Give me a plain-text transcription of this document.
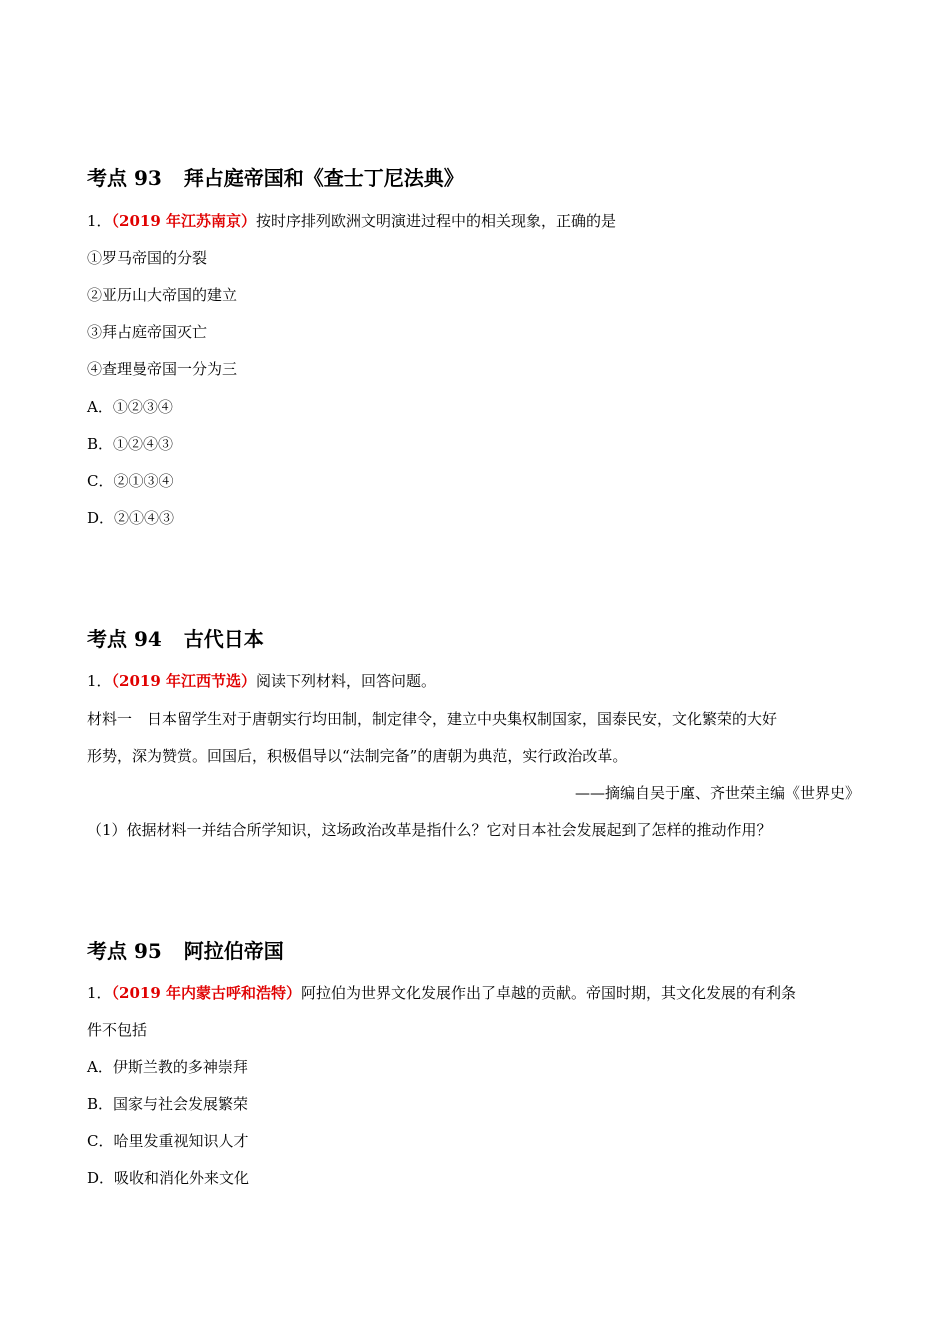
考点 93 拜占庭帝国和《查士丁尼法典》
1．（2019 年江苏南京）按时序排列欧洲文明演进过程中的相关现象，正确的是
①罗马帝国的分裂
②亚历山大帝国的建立
③拜占庭帝国灭亡
④查理曼帝国一分为三
A．①②③④
B．①②④③
C．②①③④
D．②①④③
考点 94 古代日本
1．（2019 年江西节选）阅读下列材料，回答问题。
材料一　日本留学生对于唐朝实行均田制，制定律令，建立中央集权制国家，国泰民安，文化繁荣的大好
形势，深为赞赏。回国后，积极倡导以“法制完备”的唐朝为典范，实行政治改革。
——摘编自吴于廑、齐世荣主编《世界史》
（1）依据材料一并结合所学知识，这场政治改革是指什么？它对日本社会发展起到了怎样的推动作用？
考点 95 阿拉伯帝国
1．（2019 年内蒙古呼和浩特）阿拉伯为世界文化发展作出了卓越的贡献。帝国时期，其文化发展的有利条
件不包括
A．伊斯兰教的多神崇拜
B．国家与社会发展繁荣
C．哈里发重视知识人才
D．吸收和消化外来文化
